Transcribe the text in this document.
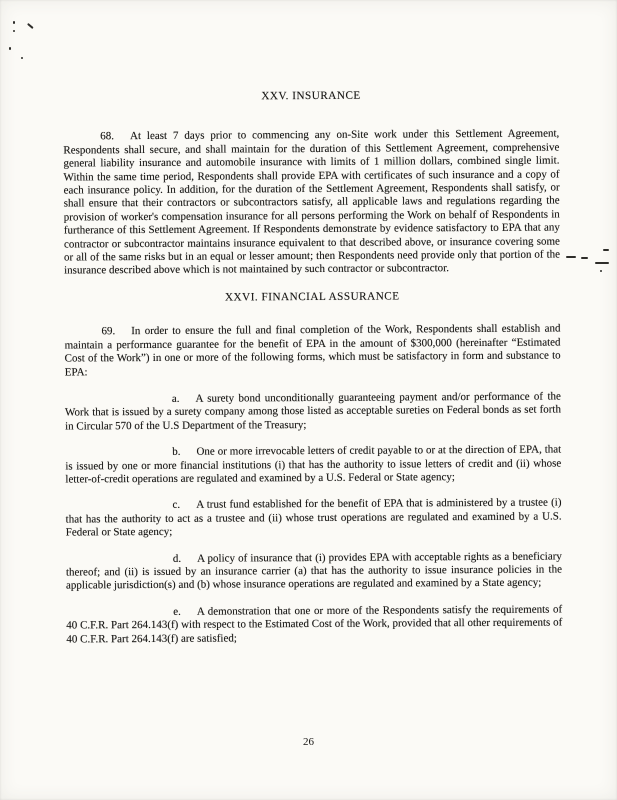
XXV. INSURANCE

68. At least 7 days prior to commencing any on-Site work under this Settlement Agreement, Respondents shall secure, and shall maintain for the duration of this Settlement Agreement, comprehensive general liability insurance and automobile insurance with limits of 1 million dollars, combined single limit. Within the same time period, Respondents shall provide EPA with certificates of such insurance and a copy of each insurance policy. In addition, for the duration of the Settlement Agreement, Respondents shall satisfy, or shall ensure that their contractors or subcontractors satisfy, all applicable laws and regulations regarding the provision of worker's compensation insurance for all persons performing the Work on behalf of Respondents in furtherance of this Settlement Agreement. If Respondents demonstrate by evidence satisfactory to EPA that any contractor or subcontractor maintains insurance equivalent to that described above, or insurance covering some or all of the same risks but in an equal or lesser amount; then Respondents need provide only that portion of the insurance described above which is not maintained by such contractor or subcontractor.

XXVI. FINANCIAL ASSURANCE

69. In order to ensure the full and final completion of the Work, Respondents shall establish and maintain a performance guarantee for the benefit of EPA in the amount of $300,000 (hereinafter “Estimated Cost of the Work”) in one or more of the following forms, which must be satisfactory in form and substance to EPA:

a. A surety bond unconditionally guaranteeing payment and/or performance of the Work that is issued by a surety company among those listed as acceptable sureties on Federal bonds as set forth in Circular 570 of the U.S Department of the Treasury;

b. One or more irrevocable letters of credit payable to or at the direction of EPA, that is issued by one or more financial institutions (i) that has the authority to issue letters of credit and (ii) whose letter-of-credit operations are regulated and examined by a U.S. Federal or State agency;

c. A trust fund established for the benefit of EPA that is administered by a trustee (i) that has the authority to act as a trustee and (ii) whose trust operations are regulated and examined by a U.S. Federal or State agency;

d. A policy of insurance that (i) provides EPA with acceptable rights as a beneficiary thereof; and (ii) is issued by an insurance carrier (a) that has the authority to issue insurance policies in the applicable jurisdiction(s) and (b) whose insurance operations are regulated and examined by a State agency;

e. A demonstration that one or more of the Respondents satisfy the requirements of 40 C.F.R. Part 264.143(f) with respect to the Estimated Cost of the Work, provided that all other requirements of 40 C.F.R. Part 264.143(f) are satisfied;

26
